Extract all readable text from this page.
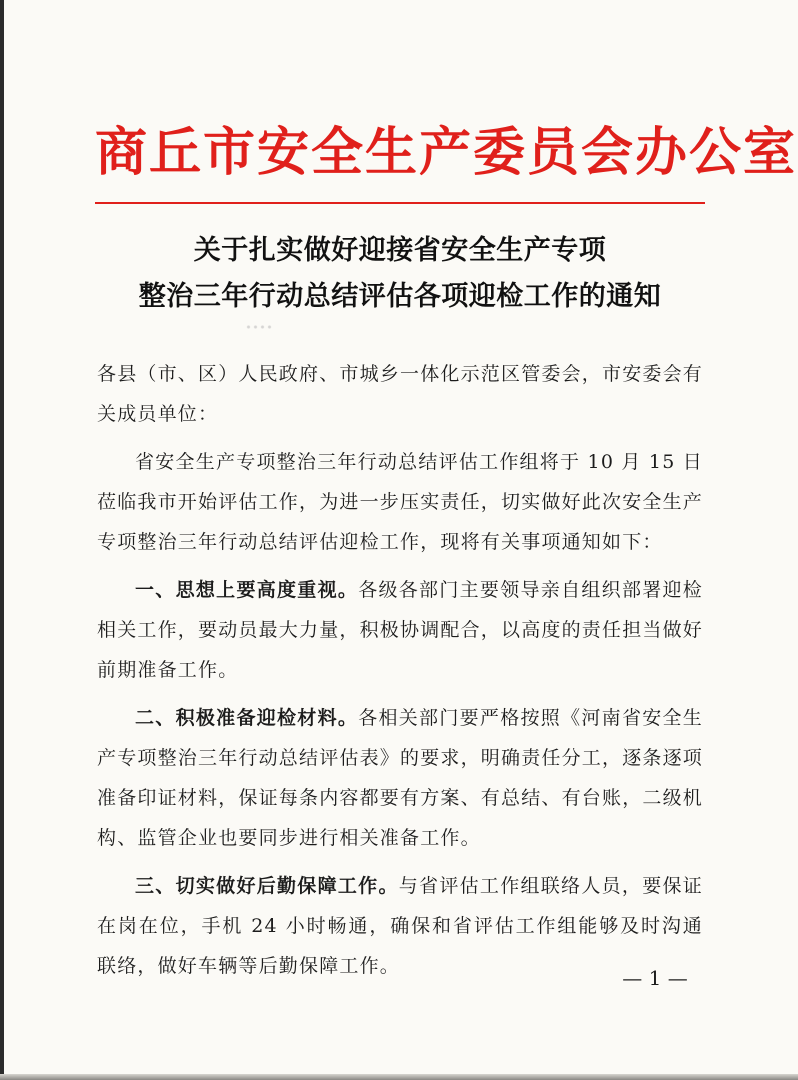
商丘市安全生产委员会办公室
关于扎实做好迎接省安全生产专项
整治三年行动总结评估各项迎检工作的通知

各县（市、区）人民政府、市城乡一体化示范区管委会，市安委会有关成员单位：

省安全生产专项整治三年行动总结评估工作组将于 10 月 15 日莅临我市开始评估工作，为进一步压实责任，切实做好此次安全生产专项整治三年行动总结评估迎检工作，现将有关事项通知如下：

一、思想上要高度重视。各级各部门主要领导亲自组织部署迎检相关工作，要动员最大力量，积极协调配合，以高度的责任担当做好前期准备工作。

二、积极准备迎检材料。各相关部门要严格按照《河南省安全生产专项整治三年行动总结评估表》的要求，明确责任分工，逐条逐项准备印证材料，保证每条内容都要有方案、有总结、有台账，二级机构、监管企业也要同步进行相关准备工作。

三、切实做好后勤保障工作。与省评估工作组联络人员，要保证在岗在位，手机 24 小时畅通，确保和省评估工作组能够及时沟通联络，做好车辆等后勤保障工作。	— 1 —
